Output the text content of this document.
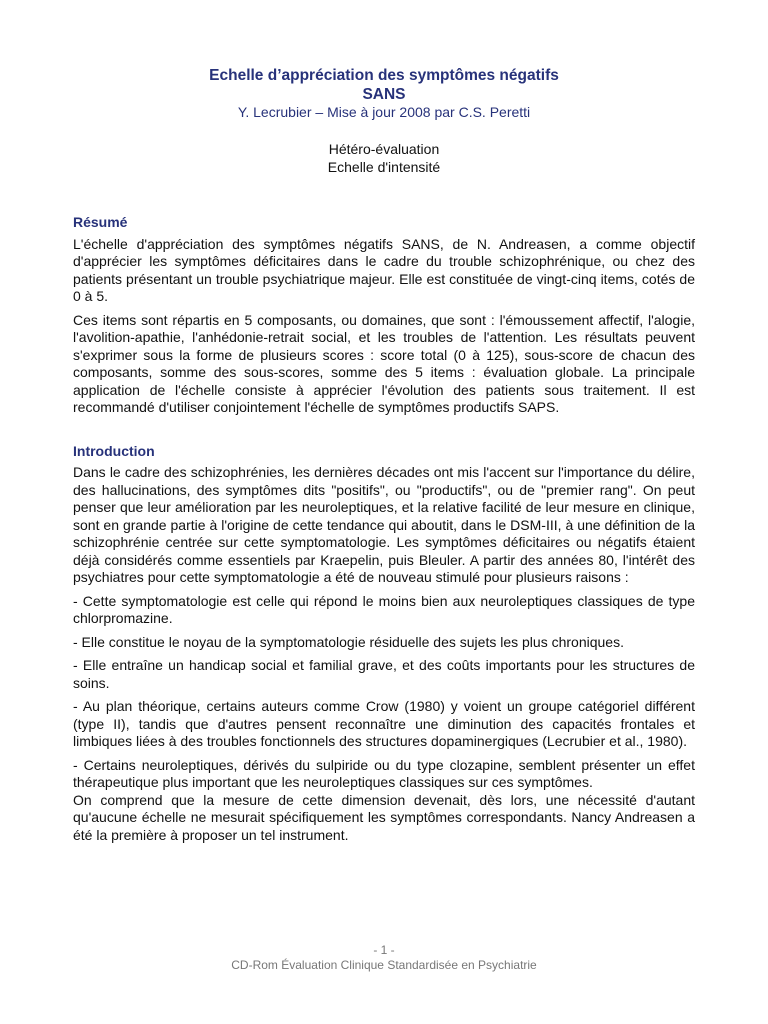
Echelle d’appréciation des symptômes négatifs
SANS
Y. Lecrubier – Mise à jour 2008 par C.S. Peretti
Hétéro-évaluation
Echelle d'intensité
Résumé

L'échelle d'appréciation des symptômes négatifs SANS, de N. Andreasen, a comme objectif d'apprécier les symptômes déficitaires dans le cadre du trouble schizophrénique, ou chez des patients présentant un trouble psychiatrique majeur. Elle est constituée de vingt-cinq items, cotés de 0 à 5.

Ces items sont répartis en 5 composants, ou domaines, que sont : l'émoussement affectif, l'alogie, l'avolition-apathie, l'anhédonie-retrait social, et les troubles de l'attention. Les résultats peuvent s'exprimer sous la forme de plusieurs scores : score total (0 à 125), sous-score de chacun des composants, somme des sous-scores, somme des 5 items : évaluation globale. La principale application de l'échelle consiste à apprécier l'évolution des patients sous traitement. Il est recommandé d'utiliser conjointement l'échelle de symptômes productifs SAPS.

Introduction

Dans le cadre des schizophrénies, les dernières décades ont mis l'accent sur l'importance du délire, des hallucinations, des symptômes dits "positifs", ou "productifs", ou de "premier rang". On peut penser que leur amélioration par les neuroleptiques, et la relative facilité de leur mesure en clinique, sont en grande partie à l'origine de cette tendance qui aboutit, dans le DSM-III, à une définition de la schizophrénie centrée sur cette symptomatologie. Les symptômes déficitaires ou négatifs étaient déjà considérés comme essentiels par Kraepelin, puis Bleuler. A partir des années 80, l'intérêt des psychiatres pour cette symptomatologie a été de nouveau stimulé pour plusieurs raisons :

- Cette symptomatologie est celle qui répond le moins bien aux neuroleptiques classiques de type chlorpromazine.

- Elle constitue le noyau de la symptomatologie résiduelle des sujets les plus chroniques.

- Elle entraîne un handicap social et familial grave, et des coûts importants pour les structures de soins.

- Au plan théorique, certains auteurs comme Crow (1980) y voient un groupe catégoriel différent (type II), tandis que d'autres pensent reconnaître une diminution des capacités frontales et limbiques liées à des troubles fonctionnels des structures dopaminergiques (Lecrubier et al., 1980).

- Certains neuroleptiques, dérivés du sulpiride ou du type clozapine, semblent présenter un effet thérapeutique plus important que les neuroleptiques classiques sur ces symptômes.

On comprend que la mesure de cette dimension devenait, dès lors, une nécessité d'autant qu'aucune échelle ne mesurait spécifiquement les symptômes correspondants. Nancy Andreasen a été la première à proposer un tel instrument.

- 1 -
CD-Rom Évaluation Clinique Standardisée en Psychiatrie
